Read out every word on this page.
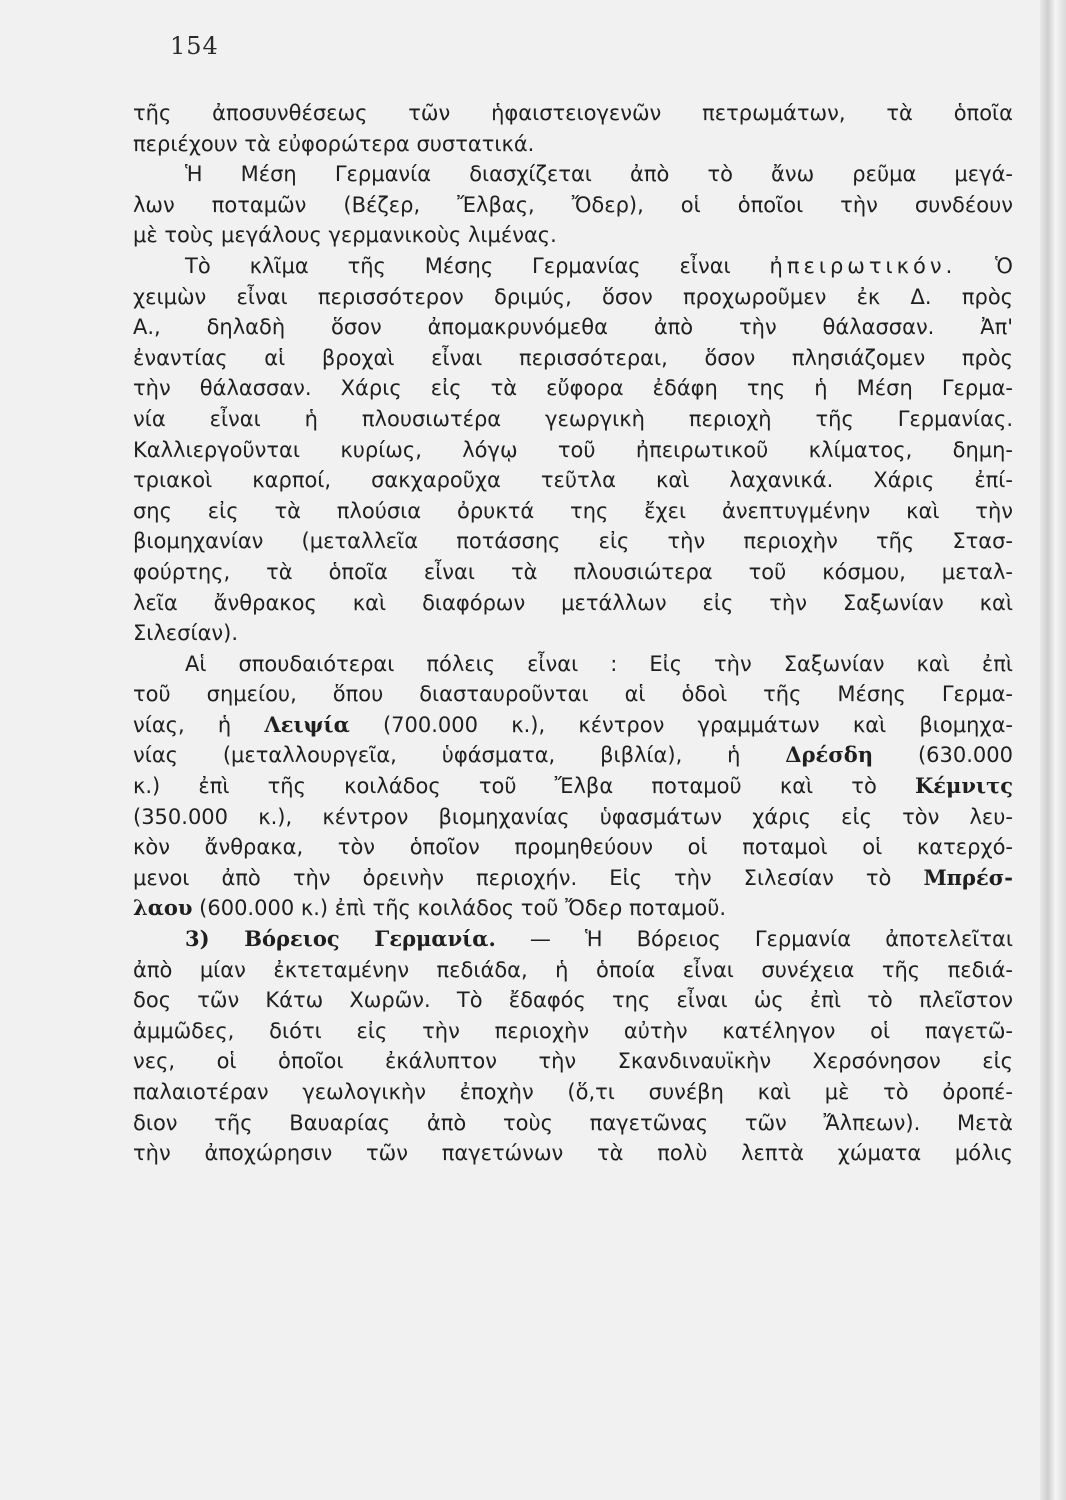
154
τῆς ἀποσυνθέσεως τῶν ἡφαιστειογενῶν πετρωμάτων, τὰ ὁποῖα
περιέχουν τὰ εὐφορώτερα συστατικά.
Ἡ Μέση Γερμανία διασχίζεται ἀπὸ τὸ ἄνω ρεῦμα μεγά-
λων ποταμῶν (Βέζερ, Ἔλβας, Ὄδερ), οἱ ὁποῖοι τὴν συνδέουν
μὲ τοὺς μεγάλους γερμανικοὺς λιμένας.
Τὸ κλῖμα τῆς Μέσης Γερμανίας εἶναι ἠπειρωτικόν. Ὁ
χειμὼν εἶναι περισσότερον δριμύς, ὅσον προχωροῦμεν ἐκ Δ. πρὸς
Α., δηλαδὴ ὅσον ἀπομακρυνόμεθα ἀπὸ τὴν θάλασσαν. Ἀπ'
ἐναντίας αἱ βροχαὶ εἶναι περισσότεραι, ὅσον πλησιάζομεν πρὸς
τὴν θάλασσαν. Χάρις εἰς τὰ εὔφορα ἐδάφη της ἡ Μέση Γερμα-
νία εἶναι ἡ πλουσιωτέρα γεωργικὴ περιοχὴ τῆς Γερμανίας.
Καλλιεργοῦνται κυρίως, λόγῳ τοῦ ἠπειρωτικοῦ κλίματος, δημη-
τριακοὶ καρποί, σακχαροῦχα τεῦτλα καὶ λαχανικά. Χάρις ἐπί-
σης εἰς τὰ πλούσια ὀρυκτά της ἔχει ἀνεπτυγμένην καὶ τὴν
βιομηχανίαν (μεταλλεῖα ποτάσσης εἰς τὴν περιοχὴν τῆς Στασ-
φούρτης, τὰ ὁποῖα εἶναι τὰ πλουσιώτερα τοῦ κόσμου, μεταλ-
λεῖα ἄνθρακος καὶ διαφόρων μετάλλων εἰς τὴν Σαξωνίαν καὶ
Σιλεσίαν).
Αἱ σπουδαιότεραι πόλεις εἶναι : Εἰς τὴν Σαξωνίαν καὶ ἐπὶ
τοῦ σημείου, ὅπου διασταυροῦνται αἱ ὁδοὶ τῆς Μέσης Γερμα-
νίας, ἡ Λειψία (700.000 κ.), κέντρον γραμμάτων καὶ βιομηχα-
νίας (μεταλλουργεῖα, ὑφάσματα, βιβλία), ἡ Δρέσδη (630.000
κ.) ἐπὶ τῆς κοιλάδος τοῦ Ἔλβα ποταμοῦ καὶ τὸ Κέμνιτς
(350.000 κ.), κέντρον βιομηχανίας ὑφασμάτων χάρις εἰς τὸν λευ-
κὸν ἄνθρακα, τὸν ὁποῖον προμηθεύουν οἱ ποταμοὶ οἱ κατερχό-
μενοι ἀπὸ τὴν ὀρεινὴν περιοχήν. Εἰς τὴν Σιλεσίαν τὸ Μπρέσ-
λαου (600.000 κ.) ἐπὶ τῆς κοιλάδος τοῦ Ὄδερ ποταμοῦ.
3) Βόρειος Γερμανία. — Ἡ Βόρειος Γερμανία ἀποτελεῖται
ἀπὸ μίαν ἐκτεταμένην πεδιάδα, ἡ ὁποία εἶναι συνέχεια τῆς πεδιά-
δος τῶν Κάτω Χωρῶν. Τὸ ἔδαφός της εἶναι ὡς ἐπὶ τὸ πλεῖστον
ἀμμῶδες, διότι εἰς τὴν περιοχὴν αὐτὴν κατέληγον οἱ παγετῶ-
νες, οἱ ὁποῖοι ἐκάλυπτον τὴν Σκανδιναυϊκὴν Χερσόνησον εἰς
παλαιοτέραν γεωλογικὴν ἐποχὴν (ὅ,τι συνέβη καὶ μὲ τὸ ὀροπέ-
διον τῆς Βαυαρίας ἀπὸ τοὺς παγετῶνας τῶν Ἄλπεων). Μετὰ
τὴν ἀποχώρησιν τῶν παγετώνων τὰ πολὺ λεπτὰ χώματα μόλις
